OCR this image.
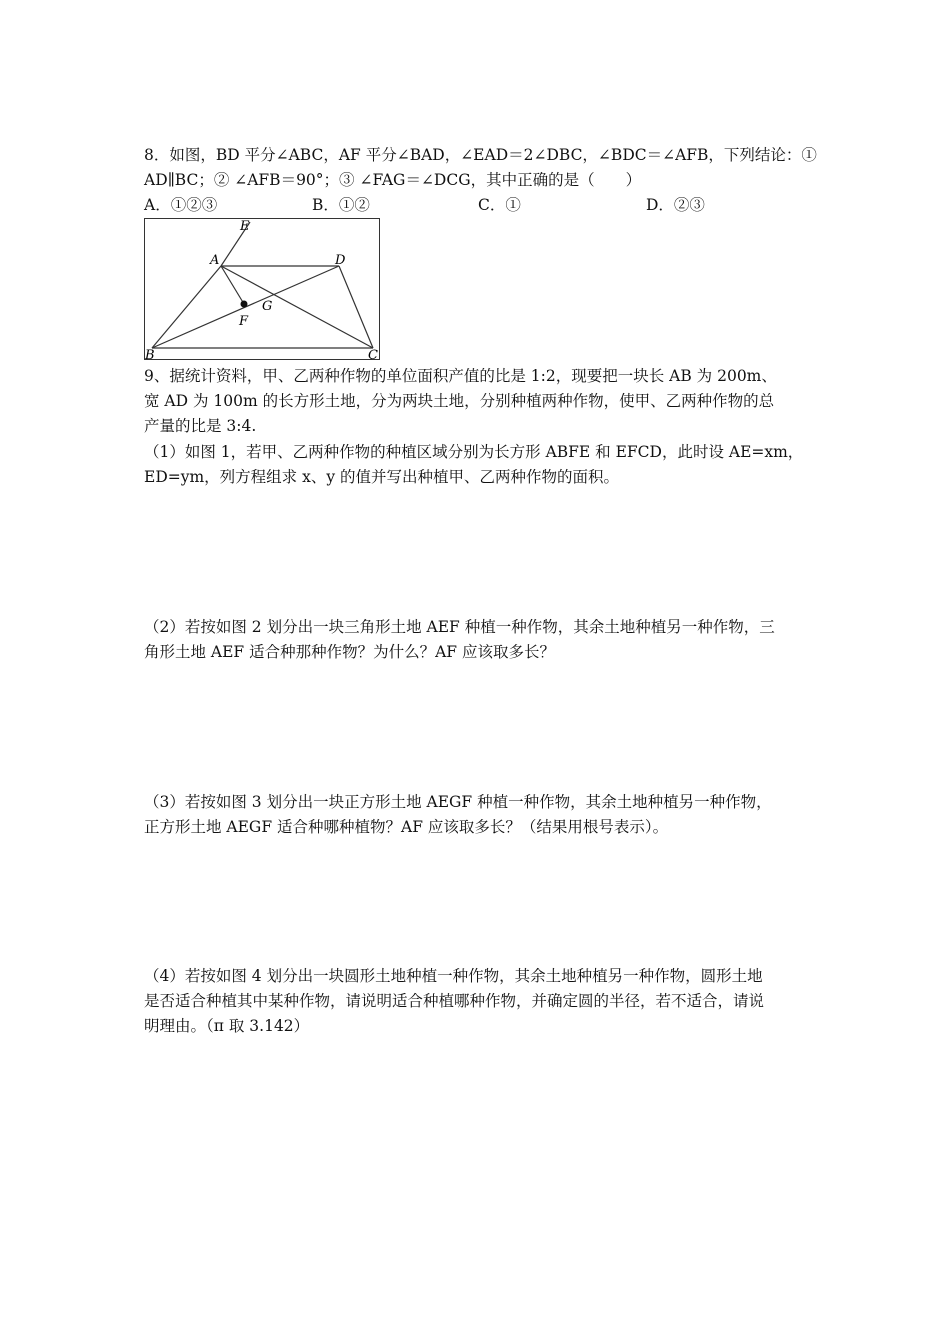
8．如图，BD 平分∠ABC，AF 平分∠BAD，∠EAD＝2∠DBC，∠BDC＝∠AFB，下列结论：①
AD∥BC；② ∠AFB＝90°；③ ∠FAG＝∠DCG，其中正确的是（　　）
A．①②③	B．①②	C．①	D．②③
E
A	D
G
F
B	C
9、据统计资料，甲、乙两种作物的单位面积产值的比是 1:2，现要把一块长 AB 为 200m、
宽 AD 为 100m 的长方形土地，分为两块土地，分别种植两种作物，使甲、乙两种作物的总
产量的比是 3:4.
（1）如图 1，若甲、乙两种作物的种植区域分别为长方形 ABFE 和 EFCD，此时设 AE=xm，
ED=ym，列方程组求 x、y 的值并写出种植甲、乙两种作物的面积。
（2）若按如图 2 划分出一块三角形土地 AEF 种植一种作物，其余土地种植另一种作物，三
角形土地 AEF 适合种那种作物？为什么？AF 应该取多长？
（3）若按如图 3 划分出一块正方形土地 AEGF 种植一种作物，其余土地种植另一种作物，
正方形土地 AEGF 适合种哪种植物？AF 应该取多长？（结果用根号表示）。
（4）若按如图 4 划分出一块圆形土地种植一种作物，其余土地种植另一种作物，圆形土地
是否适合种植其中某种作物，请说明适合种植哪种作物，并确定圆的半径，若不适合，请说
明理由。（π 取 3.142）
